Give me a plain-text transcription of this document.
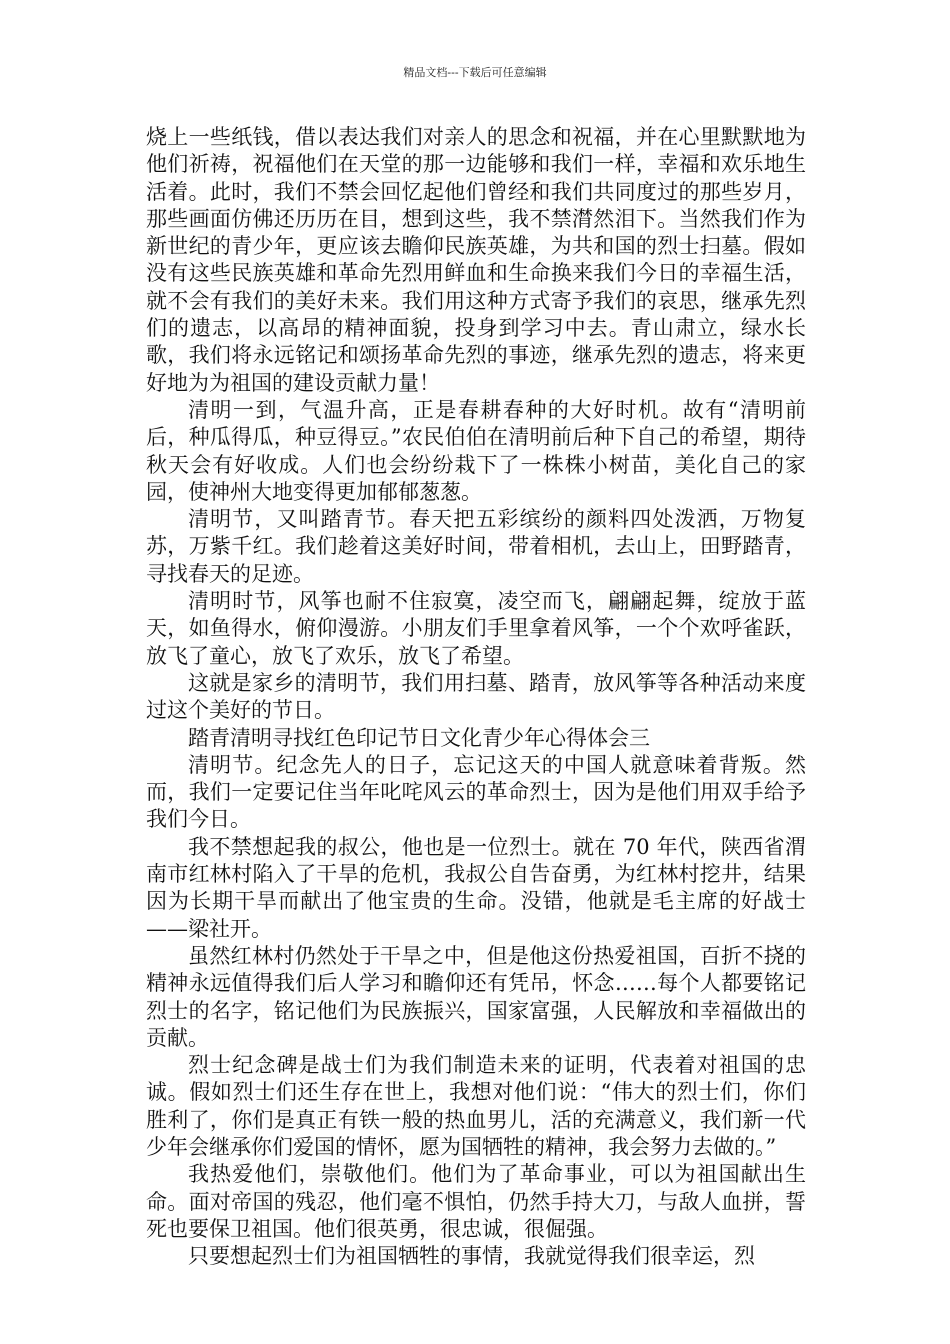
精品文档---下载后可任意编辑

烧上一些纸钱，借以表达我们对亲人的思念和祝福，并在心里默默地为他们祈祷，祝福他们在天堂的那一边能够和我们一样，幸福和欢乐地生活着。此时，我们不禁会回忆起他们曾经和我们共同度过的那些岁月，那些画面仿佛还历历在目，想到这些，我不禁潸然泪下。当然我们作为新世纪的青少年，更应该去瞻仰民族英雄，为共和国的烈士扫墓。假如没有这些民族英雄和革命先烈用鲜血和生命换来我们今日的幸福生活，就不会有我们的美好未来。我们用这种方式寄予我们的哀思，继承先烈们的遗志，以高昂的精神面貌，投身到学习中去。青山肃立，绿水长歌，我们将永远铭记和颂扬革命先烈的事迹，继承先烈的遗志，将来更好地为为祖国的建设贡献力量！

清明一到，气温升高，正是春耕春种的大好时机。故有“清明前后，种瓜得瓜，种豆得豆。”农民伯伯在清明前后种下自己的希望，期待秋天会有好收成。人们也会纷纷栽下了一株株小树苗，美化自己的家园，使神州大地变得更加郁郁葱葱。

清明节，又叫踏青节。春天把五彩缤纷的颜料四处泼洒，万物复苏，万紫千红。我们趁着这美好时间，带着相机，去山上，田野踏青，寻找春天的足迹。

清明时节，风筝也耐不住寂寞，凌空而飞，翩翩起舞，绽放于蓝天，如鱼得水，俯仰漫游。小朋友们手里拿着风筝，一个个欢呼雀跃，放飞了童心，放飞了欢乐，放飞了希望。

这就是家乡的清明节，我们用扫墓、踏青，放风筝等各种活动来度过这个美好的节日。

踏青清明寻找红色印记节日文化青少年心得体会三

清明节。纪念先人的日子，忘记这天的中国人就意味着背叛。然而，我们一定要记住当年叱咤风云的革命烈士，因为是他们用双手给予我们今日。

我不禁想起我的叔公，他也是一位烈士。就在 70 年代，陕西省渭南市红林村陷入了干旱的危机，我叔公自告奋勇，为红林村挖井，结果因为长期干旱而献出了他宝贵的生命。没错，他就是毛主席的好战士——梁社开。

虽然红林村仍然处于干旱之中，但是他这份热爱祖国，百折不挠的精神永远值得我们后人学习和瞻仰还有凭吊，怀念……每个人都要铭记烈士的名字，铭记他们为民族振兴，国家富强，人民解放和幸福做出的贡献。

烈士纪念碑是战士们为我们制造未来的证明，代表着对祖国的忠诚。假如烈士们还生存在世上，我想对他们说：“伟大的烈士们，你们胜利了，你们是真正有铁一般的热血男儿，活的充满意义，我们新一代少年会继承你们爱国的情怀，愿为国牺牲的精神，我会努力去做的。”

我热爱他们，崇敬他们。他们为了革命事业，可以为祖国献出生命。面对帝国的残忍，他们毫不惧怕，仍然手持大刀，与敌人血拼，誓死也要保卫祖国。他们很英勇，很忠诚，很倔强。

只要想起烈士们为祖国牺牲的事情，我就觉得我们很幸运，烈
